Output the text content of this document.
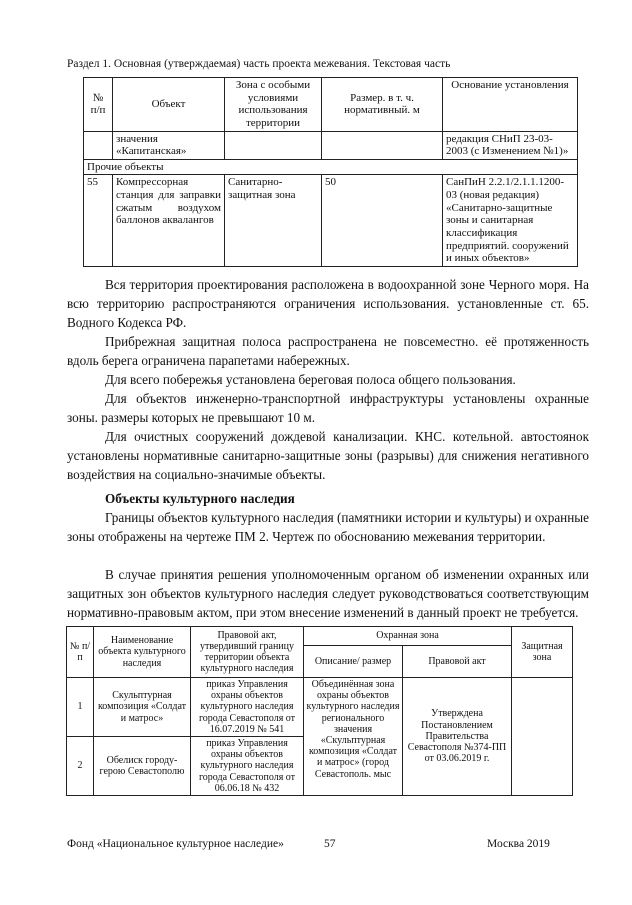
Раздел 1. Основная (утверждаемая) часть проекта межевания. Текстовая часть
№ п/п	Объект	Зона с особыми условиями использования территории	Размер. в т. ч. нормативный. м	Основание установления
	значения «Капитанская»			редакция СНиП 23-03-2003 (с Изменением №1)»
Прочие объекты				
55	Компрессорная станция для заправки сжатым воздухом баллонов аквалангов	Санитарно-защитная зона	50	СанПиН 2.2.1/2.1.1.1200-03 (новая редакция) «Санитарно-защитные зоны и санитарная классификация предприятий. сооружений и иных объектов»
Вся территория проектирования расположена в водоохранной зоне Черного моря. На всю территорию распространяются ограничения использования. установленные ст. 65. Водного Кодекса РФ.
Прибрежная защитная полоса распространена не повсеместно. её протяженность вдоль берега ограничена парапетами набережных.
Для всего побережья установлена береговая полоса общего пользования.
Для объектов инженерно-транспортной инфраструктуры установлены охранные зоны. размеры которых не превышают 10 м.
Для очистных сооружений дождевой канализации. КНС. котельной. автостоянок установлены нормативные санитарно-защитные зоны (разрывы) для снижения негативного воздействия на социально-значимые объекты.
Объекты культурного наследия
Границы объектов культурного наследия (памятники истории и культуры) и охранные зоны отображены на чертеже ПМ 2. Чертеж по обоснованию межевания территории.
В случае принятия решения уполномоченным органом об изменении охранных или защитных зон объектов культурного наследия следует руководствоваться соответствующим нормативно-правовым актом, при этом внесение изменений в данный проект не требуется.
№ п/п	Наименование объекта культурного наследия	Правовой акт, утвердивший границу территории объекта культурного наследия	Охранная зона		Защитная зона
			Описание/ размер	Правовой акт	
1	Скульптурная композиция «Солдат и матрос»	приказ Управления охраны объектов культурного наследия города Севастополя от 16.07.2019 № 541	Объединённая зона охраны объектов культурного наследия регионального значения «Скульптурная композиция «Солдат и матрос» (город Севастополь. мыс	Утверждена Постановлением Правительства Севастополя №374-ПП от 03.06.2019 г.	
2	Обелиск городу-герою Севастополю	приказ Управления охраны объектов культурного наследия города Севастополя от 06.06.18 № 432			
57
Фонд «Национальное культурное наследие»	Москва 2019
